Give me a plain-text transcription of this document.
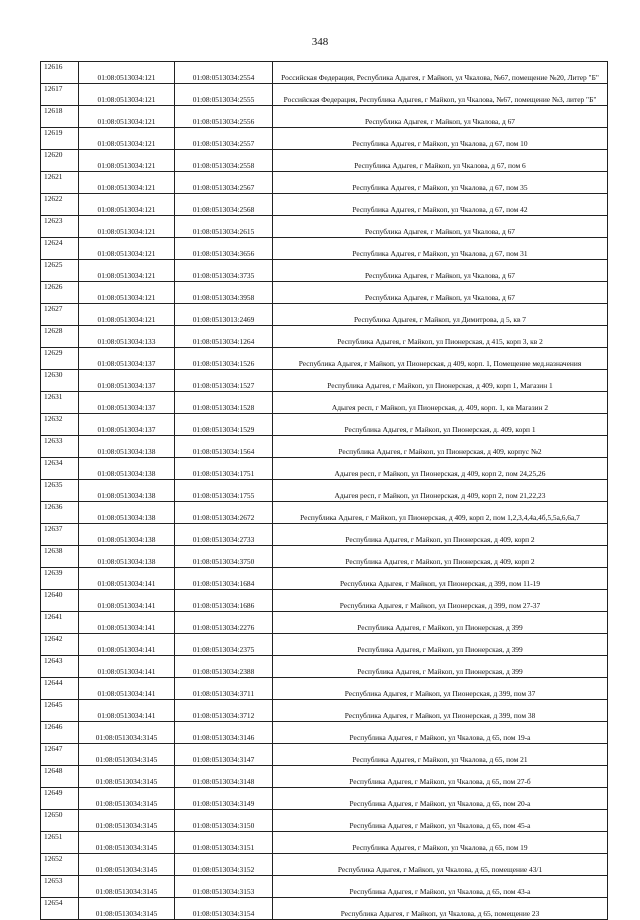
348
12616	01:08:0513034:121	01:08:0513034:2554	Российская Федерация, Республика Адыгея, г Майкоп, ул Чкалова, №67, помещение №20, Литер "Б"
12617	01:08:0513034:121	01:08:0513034:2555	Российская Федерация, Республика Адыгея, г Майкоп, ул Чкалова, №67, помещение №3, литер "Б"
12618	01:08:0513034:121	01:08:0513034:2556	Республика Адыгея, г Майкоп, ул Чкалова, д 67
12619	01:08:0513034:121	01:08:0513034:2557	Республика Адыгея, г Майкоп, ул Чкалова, д 67, пом 10
12620	01:08:0513034:121	01:08:0513034:2558	Республика Адыгея, г Майкоп, ул Чкалова, д 67, пом 6
12621	01:08:0513034:121	01:08:0513034:2567	Республика Адыгея, г Майкоп, ул Чкалова, д 67, пом 35
12622	01:08:0513034:121	01:08:0513034:2568	Республика Адыгея, г Майкоп, ул Чкалова, д 67, пом 42
12623	01:08:0513034:121	01:08:0513034:2615	Республика Адыгея, г Майкоп, ул Чкалова, д 67
12624	01:08:0513034:121	01:08:0513034:3656	Республика Адыгея, г Майкоп, ул Чкалова, д 67, пом 31
12625	01:08:0513034:121	01:08:0513034:3735	Республика Адыгея, г Майкоп, ул Чкалова, д 67
12626	01:08:0513034:121	01:08:0513034:3958	Республика Адыгея, г Майкоп, ул Чкалова, д 67
12627	01:08:0513034:121	01:08:0513013:2469	Республика Адыгея, г Майкоп, ул Димитрова, д 5, кв 7
12628	01:08:0513034:133	01:08:0513034:1264	Республика Адыгея, г Майкоп, ул Пионерская, д 415, корп 3, кв 2
12629	01:08:0513034:137	01:08:0513034:1526	Республика Адыгея, г Майкоп, ул Пионерская, д 409, корп. 1, Помещение мед.назначения
12630	01:08:0513034:137	01:08:0513034:1527	Республика Адыгея, г Майкоп, ул Пионерская, д 409, корп 1, Магазин 1
12631	01:08:0513034:137	01:08:0513034:1528	Адыгея респ, г Майкоп, ул Пионерская, д. 409, корп. 1, кв Магазин 2
12632	01:08:0513034:137	01:08:0513034:1529	Республика Адыгея, г Майкоп, ул Пионерская, д. 409, корп 1
12633	01:08:0513034:138	01:08:0513034:1564	Республика Адыгея, г Майкоп, ул Пионерская, д 409, корпус №2
12634	01:08:0513034:138	01:08:0513034:1751	Адыгея респ, г Майкоп, ул Пионерская, д 409, корп 2, пом 24,25,26
12635	01:08:0513034:138	01:08:0513034:1755	Адыгея респ, г Майкоп, ул Пионерская, д 409, корп 2, пом 21,22,23
12636	01:08:0513034:138	01:08:0513034:2672	Республика Адыгея, г Майкоп, ул Пионерская, д 409, корп 2, пом 1,2,3,4,4а,4б,5,5а,6,6а,7
12637	01:08:0513034:138	01:08:0513034:2733	Республика Адыгея, г Майкоп, ул Пионерская, д 409, корп 2
12638	01:08:0513034:138	01:08:0513034:3750	Республика Адыгея, г Майкоп, ул Пионерская, д 409, корп 2
12639	01:08:0513034:141	01:08:0513034:1684	Республика Адыгея, г Майкоп, ул Пионерская, д 399, пом 11-19
12640	01:08:0513034:141	01:08:0513034:1686	Республика Адыгея, г Майкоп, ул Пионерская, д 399, пом 27-37
12641	01:08:0513034:141	01:08:0513034:2276	Республика Адыгея, г Майкоп, ул Пионерская, д 399
12642	01:08:0513034:141	01:08:0513034:2375	Республика Адыгея, г Майкоп, ул Пионерская, д 399
12643	01:08:0513034:141	01:08:0513034:2388	Республика Адыгея, г Майкоп, ул Пионерская, д 399
12644	01:08:0513034:141	01:08:0513034:3711	Республика Адыгея, г Майкоп, ул Пионерская, д 399, пом 37
12645	01:08:0513034:141	01:08:0513034:3712	Республика Адыгея, г Майкоп, ул Пионерская, д 399, пом 38
12646	01:08:0513034:3145	01:08:0513034:3146	Республика Адыгея, г Майкоп, ул Чкалова, д 65, пом 19-а
12647	01:08:0513034:3145	01:08:0513034:3147	Республика Адыгея, г Майкоп, ул Чкалова, д 65, пом 21
12648	01:08:0513034:3145	01:08:0513034:3148	Республика Адыгея, г Майкоп, ул Чкалова, д 65, пом 27-б
12649	01:08:0513034:3145	01:08:0513034:3149	Республика Адыгея, г Майкоп, ул Чкалова, д 65, пом 20-а
12650	01:08:0513034:3145	01:08:0513034:3150	Республика Адыгея, г Майкоп, ул Чкалова, д 65, пом 45-а
12651	01:08:0513034:3145	01:08:0513034:3151	Республика Адыгея, г Майкоп, ул Чкалова, д 65, пом 19
12652	01:08:0513034:3145	01:08:0513034:3152	Республика Адыгея, г Майкоп, ул Чкалова, д 65, помещение 43/1
12653	01:08:0513034:3145	01:08:0513034:3153	Республика Адыгея, г Майкоп, ул Чкалова, д 65, пом 43-а
12654	01:08:0513034:3145	01:08:0513034:3154	Республика Адыгея, г Майкоп, ул Чкалова, д 65, помещение 23
